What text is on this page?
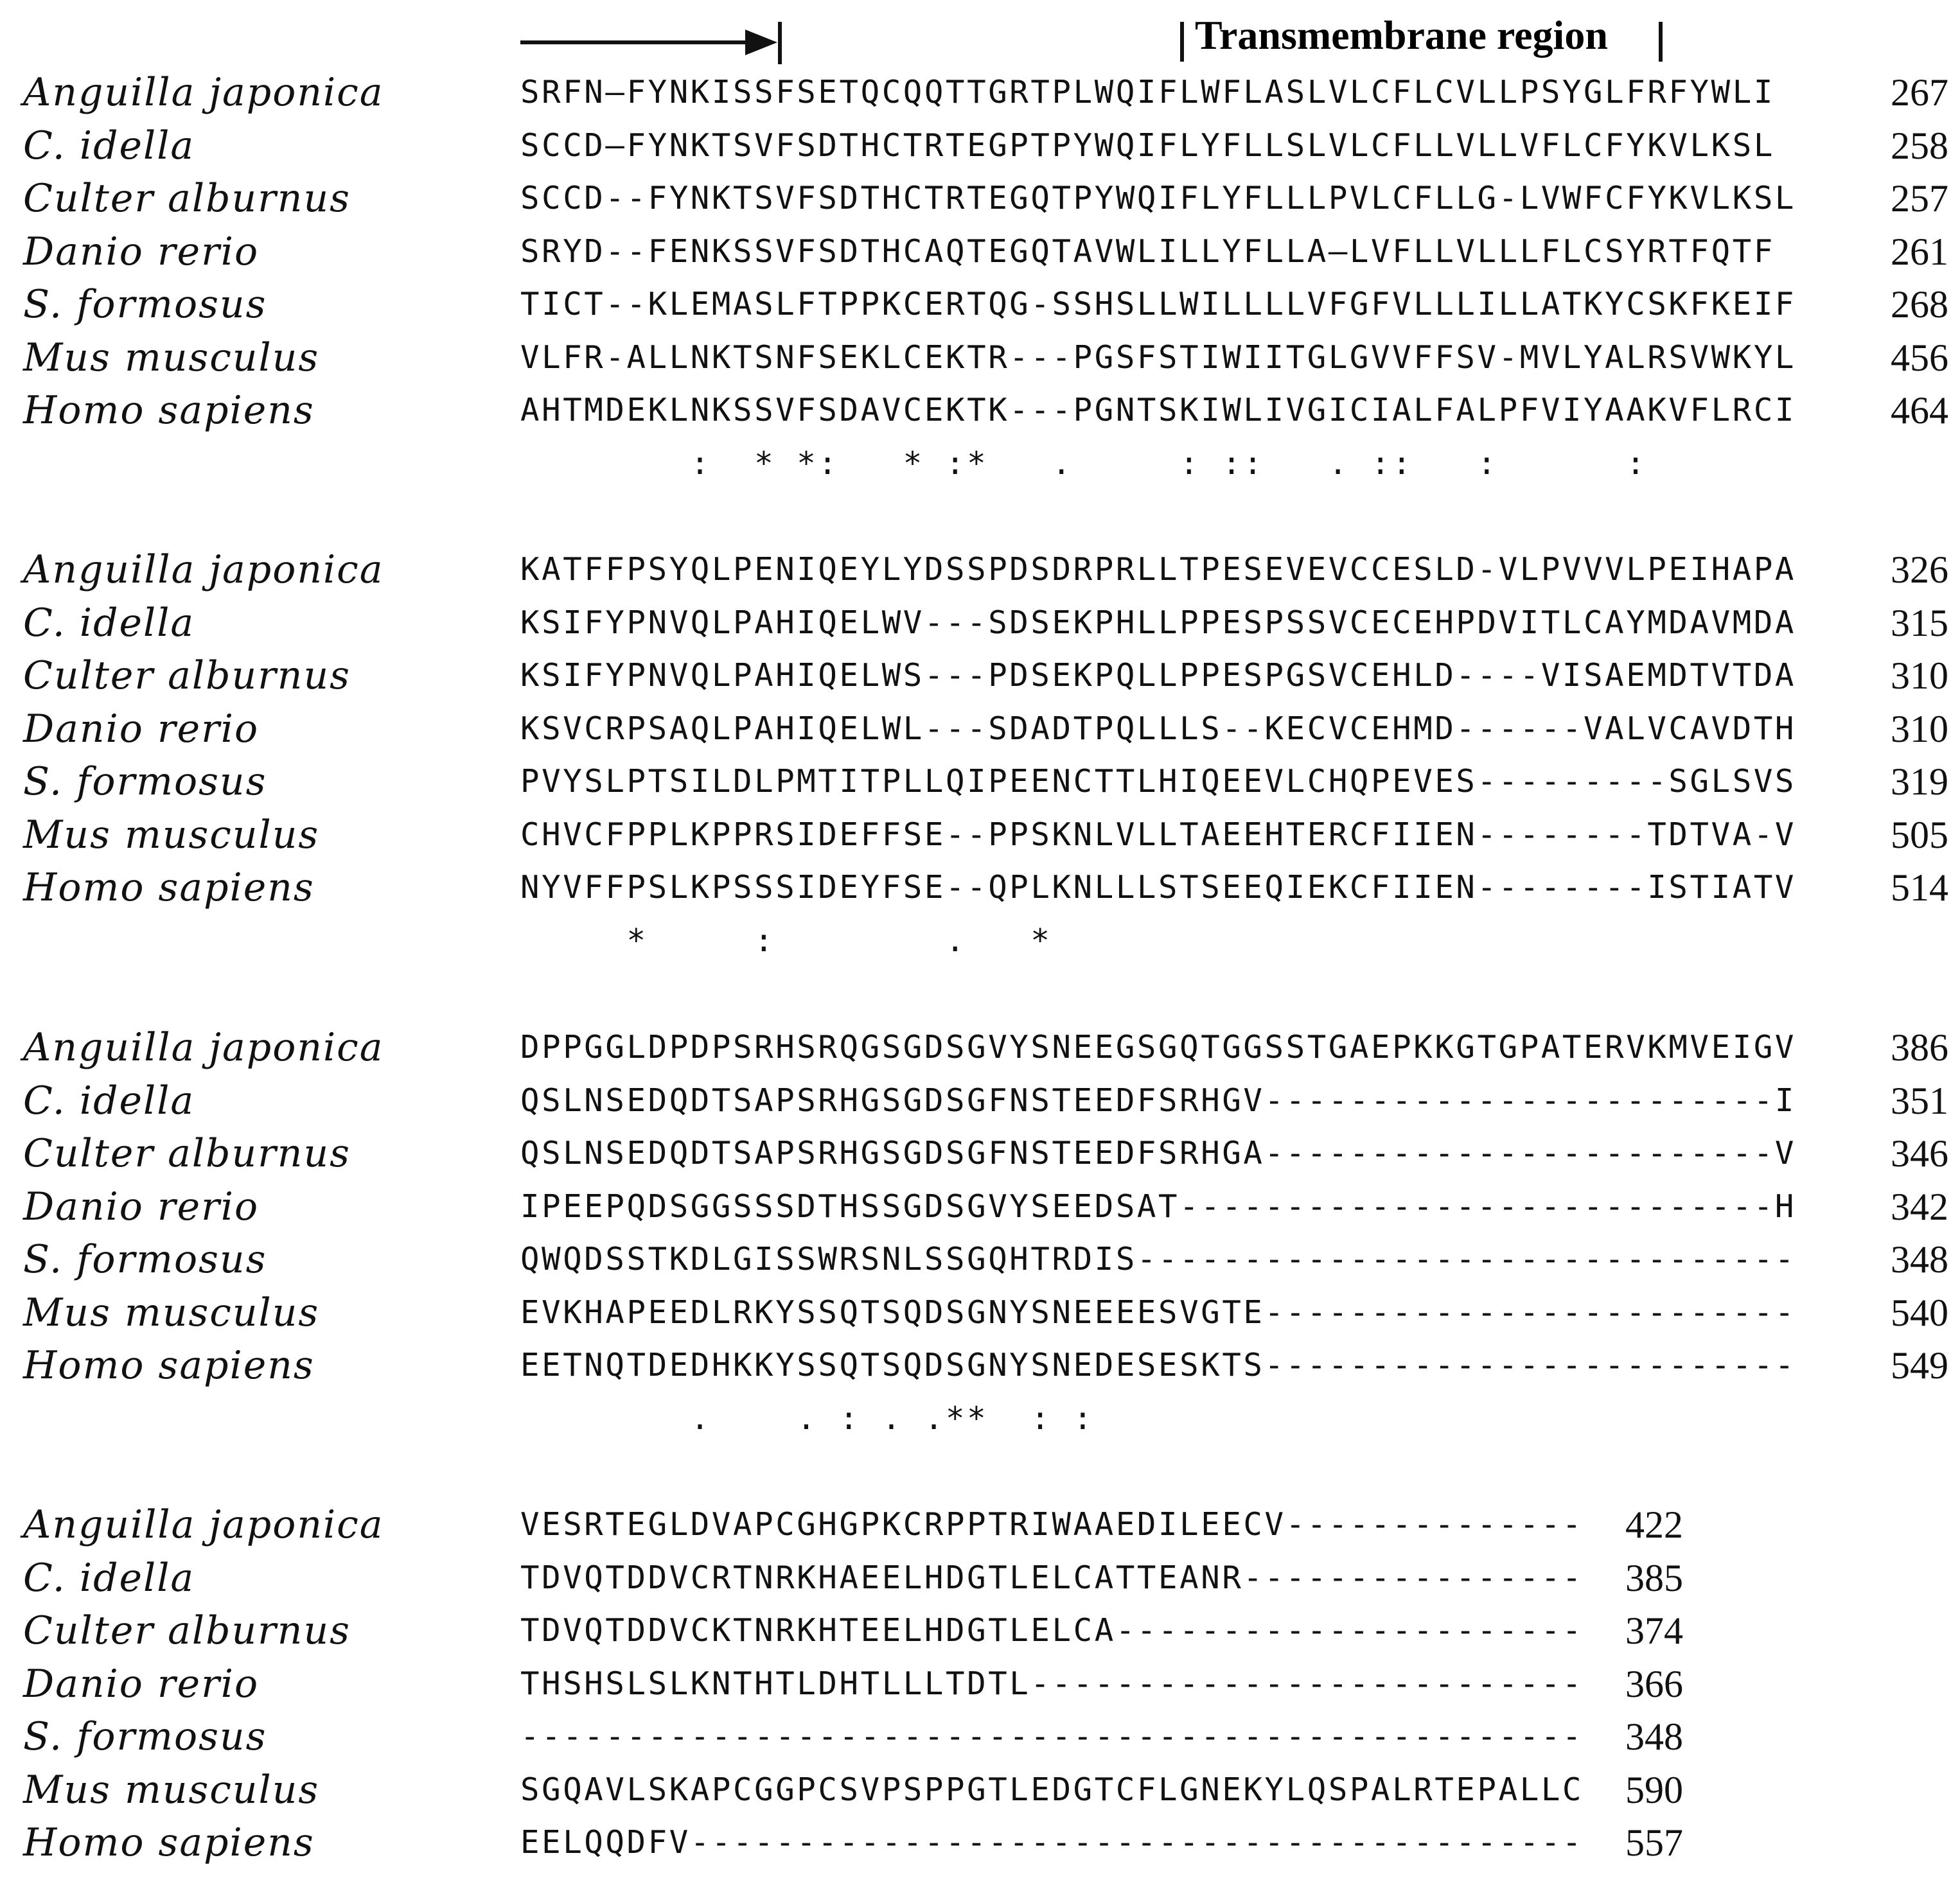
Transmembrane region
Anguilla japonica	SRFN—FYNKISSFSETQCQQTTGRTPLWQIFLWFLASLVLCFLCVLLPSYGLFRFYWLI	267
C. idella	SCCD—FYNKTSVFSDTHCTRTEGPTPYWQIFLYFLLSLVLCFLLVLLVFLCFYKVLKSL	258
Culter alburnus	SCCD--FYNKTSVFSDTHCTRTEGQTPYWQIFLYFLLLPVLCFLLG-LVWFCFYKVLKSL	257
Danio rerio	SRYD--FENKSSVFSDTHCAQTEGQTAVWLILLYFLLA—LVFLLVLLLFLCSYRTFQTF	261
S. formosus	TICT--KLEMASLFTPPKCERTQG-SSHSLLWILLLLVFGFVLLLILLATKYCSKFKEIF	268
Mus musculus	VLFR-ALLNKTSNFSEKLCEKTR---PGSFSTIWIITGLGVVFFSV-MVLYALRSVWKYL	456
Homo sapiens	AHTMDEKLNKSSVFSDAVCEKTK---PGNTSKIWLIVGICIALFALPFVIYAAKVFLRCI	464
:  * *:   * :*   .     : ::   . ::   :      :
Anguilla japonica	KATFFPSYQLPENIQEYLYDSSPDSDRPRLLTPESEVEVCCESLD-VLPVVVLPEIHAPA	326
C. idella	KSIFYPNVQLPAHIQELWV---SDSEKPHLLPPESPSSVCECEHPDVITLCAYMDAVMDA	315
Culter alburnus	KSIFYPNVQLPAHIQELWS---PDSEKPQLLPPESPGSVCEHLD----VISAEMDTVTDA	310
Danio rerio	KSVCRPSAQLPAHIQELWL---SDADTPQLLLS--KECVCEHMD------VALVCAVDTH	310
S. formosus	PVYSLPTSILDLPMTITPLLQIPEENCTTLHIQEEVLCHQPEVES---------SGLSVS	319
Mus musculus	CHVCFPPLKPPRSIDEFFSE--PPSKNLVLLTAEEHTERCFIIEN--------TDTVA-V	505
Homo sapiens	NYVFFPSLKPSSSIDEYFSE--QPLKNLLLSTSEEQIEKCFIIEN--------ISTIATV	514
*     :        .   *
Anguilla japonica	DPPGGLDPDPSRHSRQGSGDSGVYSNEEGSGQTGGSSTGAEPKKGTGPATERVKMVEIGV	386
C. idella	QSLNSEDQDTSAPSRHGSGDSGFNSTEEDFSRHGV------------------------I	351
Culter alburnus	QSLNSEDQDTSAPSRHGSGDSGFNSTEEDFSRHGA------------------------V	346
Danio rerio	IPEEPQDSGGSSSDTHSSGDSGVYSEEDSAT----------------------------H	342
S. formosus	QWQDSSTKDLGISSWRSNLSSGQHTRDIS-------------------------------	348
Mus musculus	EVKHAPEEDLRKYSSQTSQDSGNYSNEEEESVGTE-------------------------	540
Homo sapiens	EETNQTDEDHKKYSSQTSQDSGNYSNEDESESKTS-------------------------	549
.    . : . .**  : :
Anguilla japonica	VESRTEGLDVAPCGHGPKCRPPTRIWAAEDILEECV-------------- 422
C. idella	TDVQTDDVCRTNRKHAEELHDGTLELCATTEANR---------------- 385
Culter alburnus	TDVQTDDVCKTNRKHTEELHDGTLELCA---------------------- 374
Danio rerio	THSHSLSLKNTHTLDHTLLLTDTL-------------------------- 366
S. formosus	-------------------------------------------------- 348
Mus musculus	SGQAVLSKAPCGGPCSVPSPPGTLEDGTCFLGNEKYLQSPALRTEPALLC 590
Homo sapiens	EELQQDFV------------------------------------------ 557
